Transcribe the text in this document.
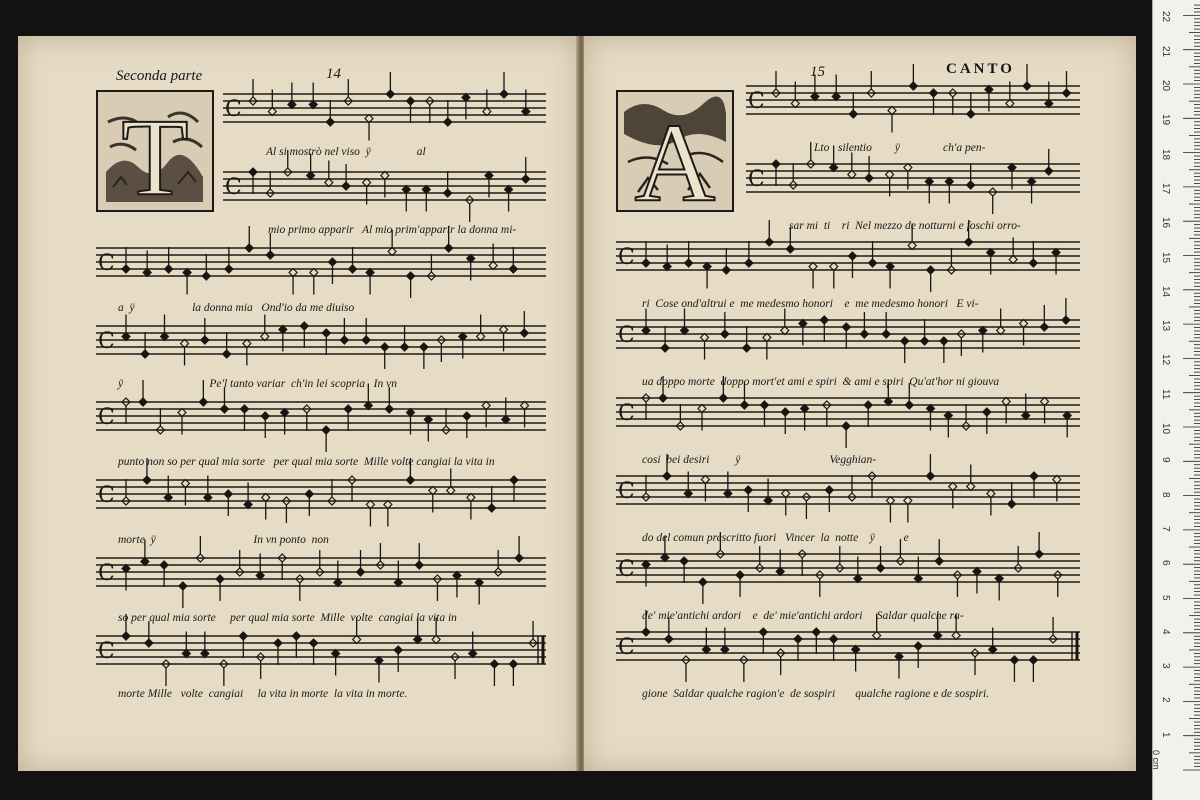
Seconda parte	14
T C
C
C
C
C
C
C
C
Al si mostrò nel viso  ÿ                al
mio primo apparir   Al mio prim'apparir la donna mi-
a  ÿ                    la donna mia   Ond'io da me diuiso
ÿ                              Pe'l tanto variar  ch'in lei scopria   In vn
punto non so per qual mia sorte   per qual mia sorte  Mille volte cangiai la vita in
morte  ÿ                                  In vn ponto  non
so per qual mia sorte     per qual mia sorte  Mille  volte  cangiai la vita in
morte Mille   volte  cangiai     la vita in morte  la vita in morte.
15	CANTO
A C
C
C
C
C
C
C
C
Lto   silentio        ÿ               ch'a pen-
sar mi  ti    ri  Nel mezzo de notturni e foschi orro-
ri  Cose ond'altrui e  me medesmo honori    e  me medesmo honori   E vi-
ua doppo morte  doppo mort'et ami e spiri  & ami e spiri  Qu'at'hor ni giouva
cosi  bei desiri         ÿ                               Vegghian-
do del comun prescritto fuori   Vincer  la  notte    ÿ          e
de' mie'antichi ardori    e  de' mie'antichi ardori     Saldar qualche ra-
gione  Saldar qualche ragion'e  de sospiri       qualche ragione e de sospiri.
0 cm
1
2
3
4
5
6
7
8
9
10
11
12
13
14
15
16
17
18
19
20
21
22
